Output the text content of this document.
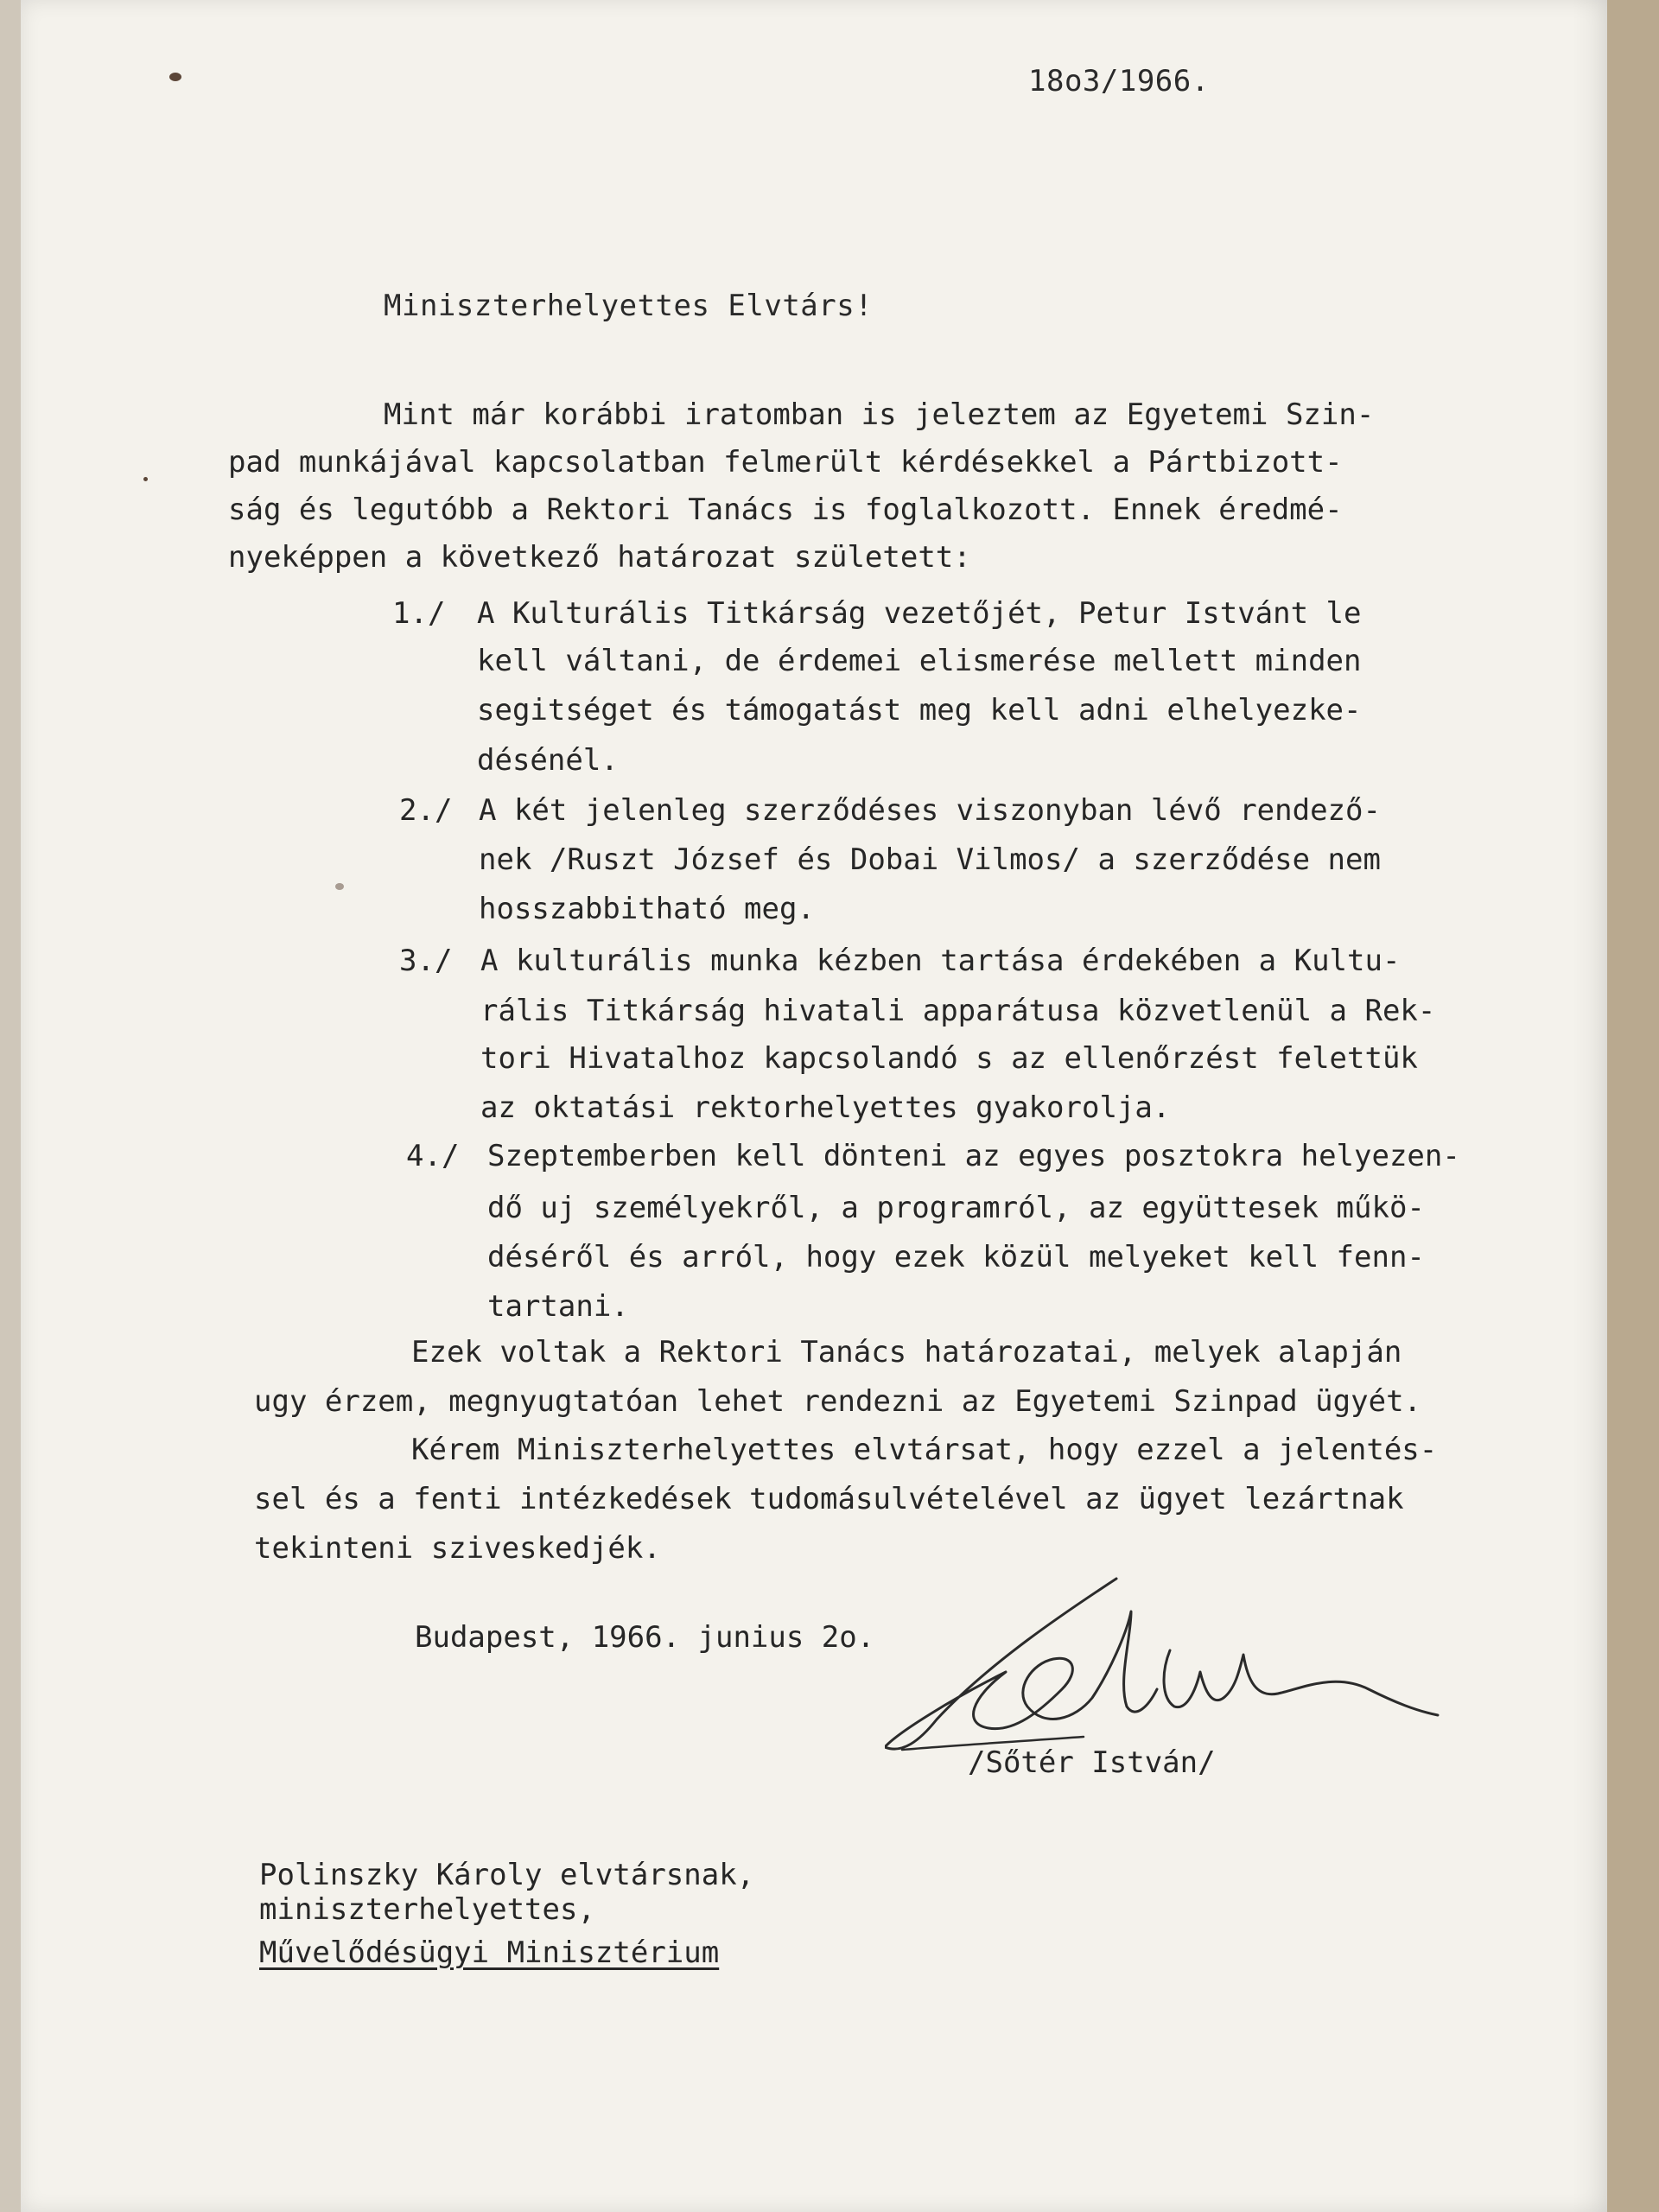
18o3/1966.
Miniszterhelyettes Elvtárs!
Mint már korábbi iratomban is jeleztem az Egyetemi Szin-
pad munkájával kapcsolatban felmerült kérdésekkel a Pártbizott-
ság és legutóbb a Rektori Tanács is foglalkozott. Ennek éredmé-
nyeképpen a következő határozat született:
1./ A Kulturális Titkárság vezetőjét, Petur Istvánt le
kell váltani, de érdemei elismerése mellett minden
segitséget és támogatást meg kell adni elhelyezke-
désénél.
2./ A két jelenleg szerződéses viszonyban lévő rendező-
nek /Ruszt József és Dobai Vilmos/ a szerződése nem
hosszabbitható meg.
3./ A kulturális munka kézben tartása érdekében a Kultu-
rális Titkárság hivatali apparátusa közvetlenül a Rek-
tori Hivatalhoz kapcsolandó s az ellenőrzést felettük
az oktatási rektorhelyettes gyakorolja.
4./ Szeptemberben kell dönteni az egyes posztokra helyezen-
dő uj személyekről, a programról, az együttesek műkö-
déséről és arról, hogy ezek közül melyeket kell fenn-
tartani.
Ezek voltak a Rektori Tanács határozatai, melyek alapján
ugy érzem, megnyugtatóan lehet rendezni az Egyetemi Szinpad ügyét.
Kérem Miniszterhelyettes elvtársat, hogy ezzel a jelentés-
sel és a fenti intézkedések tudomásulvételével az ügyet lezártnak
tekinteni sziveskedjék.
Budapest, 1966. junius 2o.
/Sőtér István/
Polinszky Károly elvtársnak,
miniszterhelyettes,
Művelődésügyi Minisztérium
